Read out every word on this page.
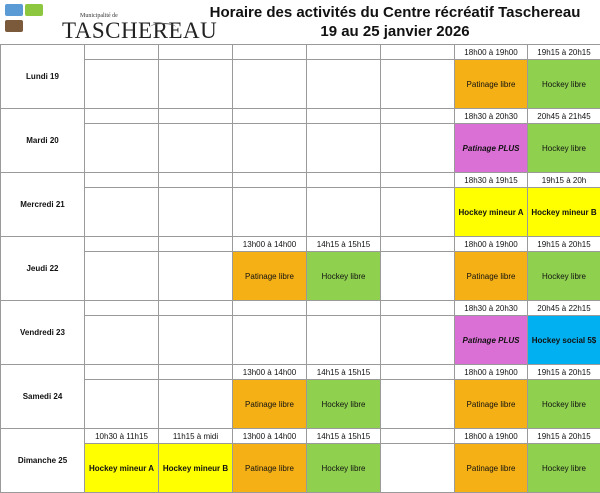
Municipalité de
TASCHEREAU
Horaire des activités du Centre récréatif Taschereau
19 au 25 janvier 2026
Lundi 19						18h00 à 19h00	19h15 à 20h15
						Patinage libre	Hockey libre
Mardi 20						18h30 à 20h30	20h45 à 21h45
						Patinage PLUS	Hockey libre
Mercredi 21						18h30 à 19h15	19h15 à 20h
						Hockey mineur A	Hockey mineur B
Jeudi 22			13h00 à 14h00	14h15 à 15h15		18h00 à 19h00	19h15 à 20h15
			Patinage libre	Hockey libre		Patinage libre	Hockey libre
Vendredi 23						18h30 à 20h30	20h45 à 22h15
						Patinage PLUS	Hockey social 5$
Samedi 24			13h00 à 14h00	14h15 à 15h15		18h00 à 19h00	19h15 à 20h15
			Patinage libre	Hockey libre		Patinage libre	Hockey libre
Dimanche 25	10h30 à 11h15	11h15 à midi	13h00 à 14h00	14h15 à 15h15		18h00 à 19h00	19h15 à 20h15
	Hockey mineur A	Hockey mineur B	Patinage libre	Hockey libre		Patinage libre	Hockey libre
